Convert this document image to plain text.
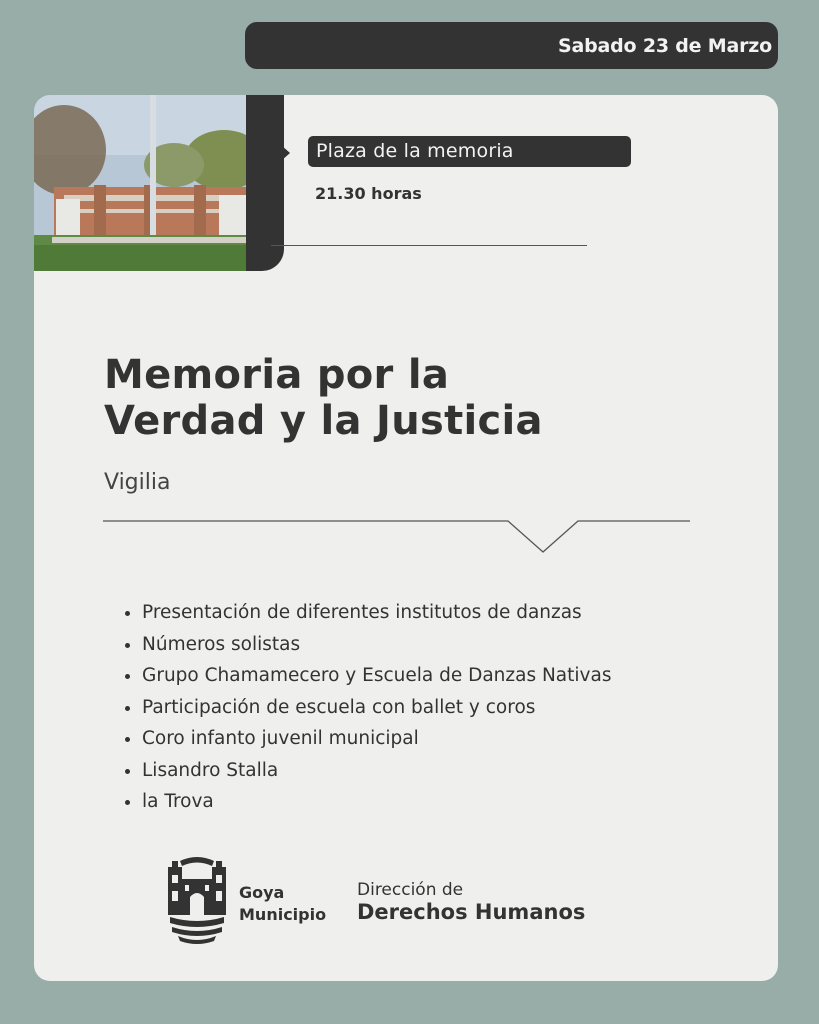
Sabado 23 de Marzo
Plaza de la memoria
21.30 horas
Memoria por la
Verdad y la Justicia
Vigilia
• Presentación de diferentes institutos de danzas
• Números solistas
• Grupo Chamamecero y Escuela de Danzas Nativas
• Participación de escuela con ballet y coros
• Coro infanto juvenil municipal
• Lisandro Stalla
• la Trova
Goya
Municipio
Dirección de
Derechos Humanos
